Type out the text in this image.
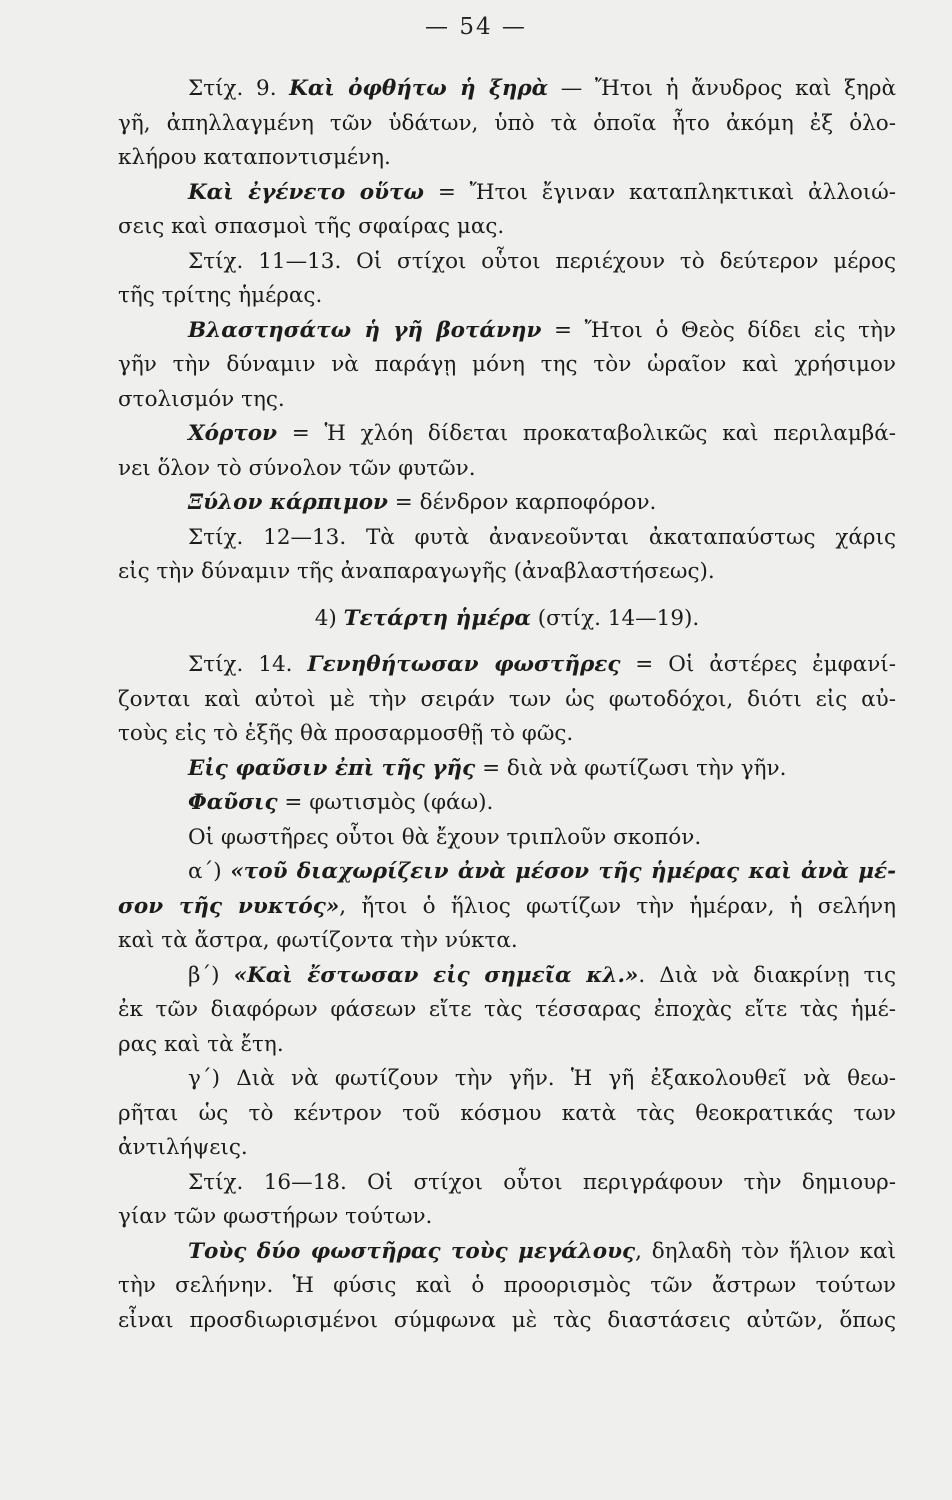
— 54 —
Στίχ. 9. Καὶ ὀφθήτω ἡ ξηρὰ — Ἤτοι ἡ ἄνυδρος καὶ ξηρὰ
γῆ, ἀπηλλαγμένη τῶν ὑδάτων, ὑπὸ τὰ ὁποῖα ἦτο ἀκόμη ἐξ ὁλο-
κλήρου καταποντισμένη.
Καὶ ἐγένετο οὕτω = Ἤτοι ἔγιναν καταπληκτικαὶ ἀλλοιώ-
σεις καὶ σπασμοὶ τῆς σφαίρας μας.
Στίχ. 11—13. Οἱ στίχοι οὗτοι περιέχουν τὸ δεύτερον μέρος
τῆς τρίτης ἡμέρας.
Βλαστησάτω ἡ γῆ βοτάνην = Ἤτοι ὁ Θεὸς δίδει εἰς τὴν
γῆν τὴν δύναμιν νὰ παράγῃ μόνη της τὸν ὡραῖον καὶ χρήσιμον
στολισμόν της.
Χόρτον = Ἡ χλόη δίδεται προκαταβολικῶς καὶ περιλαμβά-
νει ὅλον τὸ σύνολον τῶν φυτῶν.
Ξύλον κάρπιμον = δένδρον καρποφόρον.
Στίχ. 12—13. Τὰ φυτὰ ἀνανεοῦνται ἀκαταπαύστως χάρις
εἰς τὴν δύναμιν τῆς ἀναπαραγωγῆς (ἀναβλαστήσεως).
4) Τετάρτη ἡμέρα (στίχ. 14—19).
Στίχ. 14. Γενηθήτωσαν φωστῆρες = Οἱ ἀστέρες ἐμφανί-
ζονται καὶ αὐτοὶ μὲ τὴν σειράν των ὡς φωτοδόχοι, διότι εἰς αὐ-
τοὺς εἰς τὸ ἑξῆς θὰ προσαρμοσθῇ τὸ φῶς.
Εἰς φαῦσιν ἐπὶ τῆς γῆς = διὰ νὰ φωτίζωσι τὴν γῆν.
Φαῦσις = φωτισμὸς (φάω).
Οἱ φωστῆρες οὗτοι θὰ ἔχουν τριπλοῦν σκοπόν.
α΄) «τοῦ διαχωρίζειν ἀνὰ μέσον τῆς ἡμέρας καὶ ἀνὰ μέ-
σον τῆς νυκτός», ἤτοι ὁ ἥλιος φωτίζων τὴν ἡμέραν, ἡ σελήνη
καὶ τὰ ἄστρα, φωτίζοντα τὴν νύκτα.
β΄) «Καὶ ἔστωσαν εἰς σημεῖα κλ.». Διὰ νὰ διακρίνῃ τις
ἐκ τῶν διαφόρων φάσεων εἴτε τὰς τέσσαρας ἐποχὰς εἴτε τὰς ἡμέ-
ρας καὶ τὰ ἔτη.
γ΄) Διὰ νὰ φωτίζουν τὴν γῆν. Ἡ γῆ ἐξακολουθεῖ νὰ θεω-
ρῆται ὡς τὸ κέντρον τοῦ κόσμου κατὰ τὰς θεοκρατικάς των
ἀντιλήψεις.
Στίχ. 16—18. Οἱ στίχοι οὗτοι περιγράφουν τὴν δημιουρ-
γίαν τῶν φωστήρων τούτων.
Τοὺς δύο φωστῆρας τοὺς μεγάλους, δηλαδὴ τὸν ἥλιον καὶ
τὴν σελήνην. Ἡ φύσις καὶ ὁ προορισμὸς τῶν ἄστρων τούτων
εἶναι προσδιωρισμένοι σύμφωνα μὲ τὰς διαστάσεις αὐτῶν, ὅπως
